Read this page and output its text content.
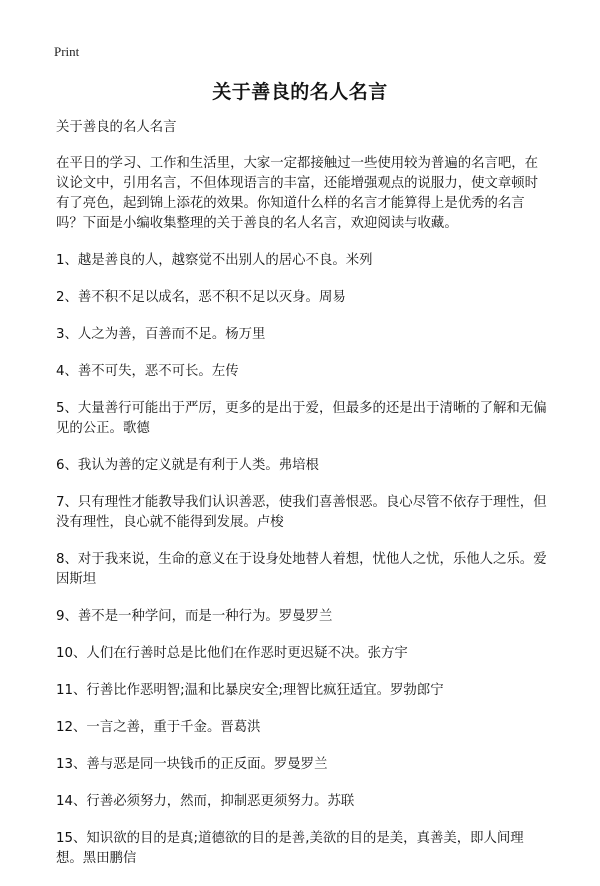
Print
关于善良的名人名言

关于善良的名人名言

在平日的学习、工作和生活里，大家一定都接触过一些使用较为普遍的名言吧，在议论文中，引用名言，不但体现语言的丰富，还能增强观点的说服力，使文章顿时有了亮色，起到锦上添花的效果。你知道什么样的名言才能算得上是优秀的名言吗？下面是小编收集整理的关于善良的名人名言，欢迎阅读与收藏。

1、越是善良的人，越察觉不出别人的居心不良。米列

2、善不积不足以成名，恶不积不足以灭身。周易

3、人之为善，百善而不足。杨万里

4、善不可失，恶不可长。左传

5、大量善行可能出于严厉，更多的是出于爱，但最多的还是出于清晰的了解和无偏见的公正。歌德

6、我认为善的定义就是有利于人类。弗培根

7、只有理性才能教导我们认识善恶，使我们喜善恨恶。良心尽管不依存于理性，但没有理性，良心就不能得到发展。卢梭

8、对于我来说，生命的意义在于设身处地替人着想，忧他人之忧，乐他人之乐。爱因斯坦

9、善不是一种学问，而是一种行为。罗曼罗兰

10、人们在行善时总是比他们在作恶时更迟疑不决。张方宇

11、行善比作恶明智;温和比暴戾安全;理智比疯狂适宜。罗勃郎宁

12、一言之善，重于千金。晋葛洪

13、善与恶是同一块钱币的正反面。罗曼罗兰

14、行善必须努力，然而，抑制恶更须努力。苏联

15、知识欲的目的是真;道德欲的目的是善,美欲的目的是美，真善美，即人间理想。黑田鹏信
